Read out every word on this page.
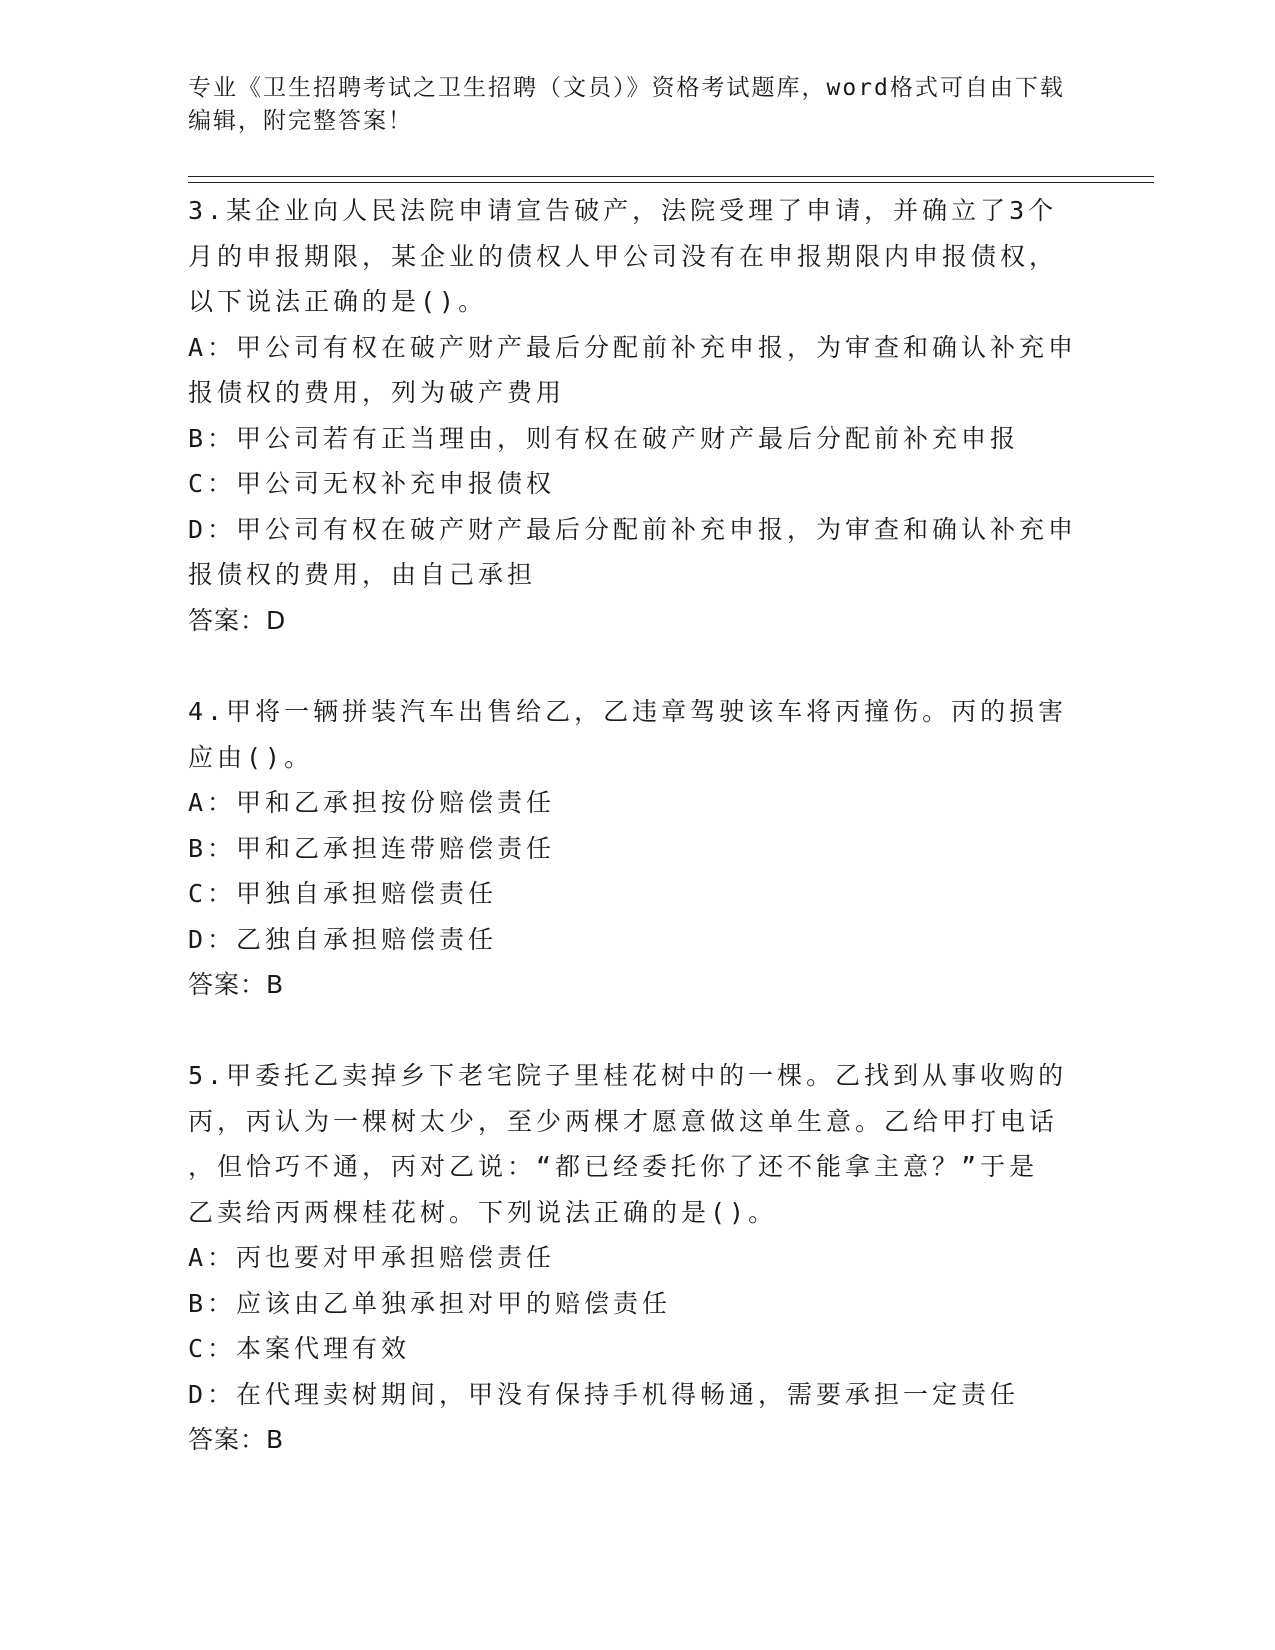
专业《卫生招聘考试之卫生招聘（文员）》资格考试题库，word格式可自由下载
编辑，附完整答案！
3.某企业向人民法院申请宣告破产，法院受理了申请，并确立了3个
月的申报期限，某企业的债权人甲公司没有在申报期限内申报债权，
以下说法正确的是()。
A：甲公司有权在破产财产最后分配前补充申报，为审查和确认补充申
报债权的费用，列为破产费用
B：甲公司若有正当理由，则有权在破产财产最后分配前补充申报
C：甲公司无权补充申报债权
D：甲公司有权在破产财产最后分配前补充申报，为审查和确认补充申
报债权的费用，由自己承担
答案：D
4.甲将一辆拼装汽车出售给乙，乙违章驾驶该车将丙撞伤。丙的损害
应由()。
A：甲和乙承担按份赔偿责任
B：甲和乙承担连带赔偿责任
C：甲独自承担赔偿责任
D：乙独自承担赔偿责任
答案：B
5.甲委托乙卖掉乡下老宅院子里桂花树中的一棵。乙找到从事收购的
丙，丙认为一棵树太少，至少两棵才愿意做这单生意。乙给甲打电话
，但恰巧不通，丙对乙说：“都已经委托你了还不能拿主意？”于是
乙卖给丙两棵桂花树。下列说法正确的是()。
A：丙也要对甲承担赔偿责任
B：应该由乙单独承担对甲的赔偿责任
C：本案代理有效
D：在代理卖树期间，甲没有保持手机得畅通，需要承担一定责任
答案：B
